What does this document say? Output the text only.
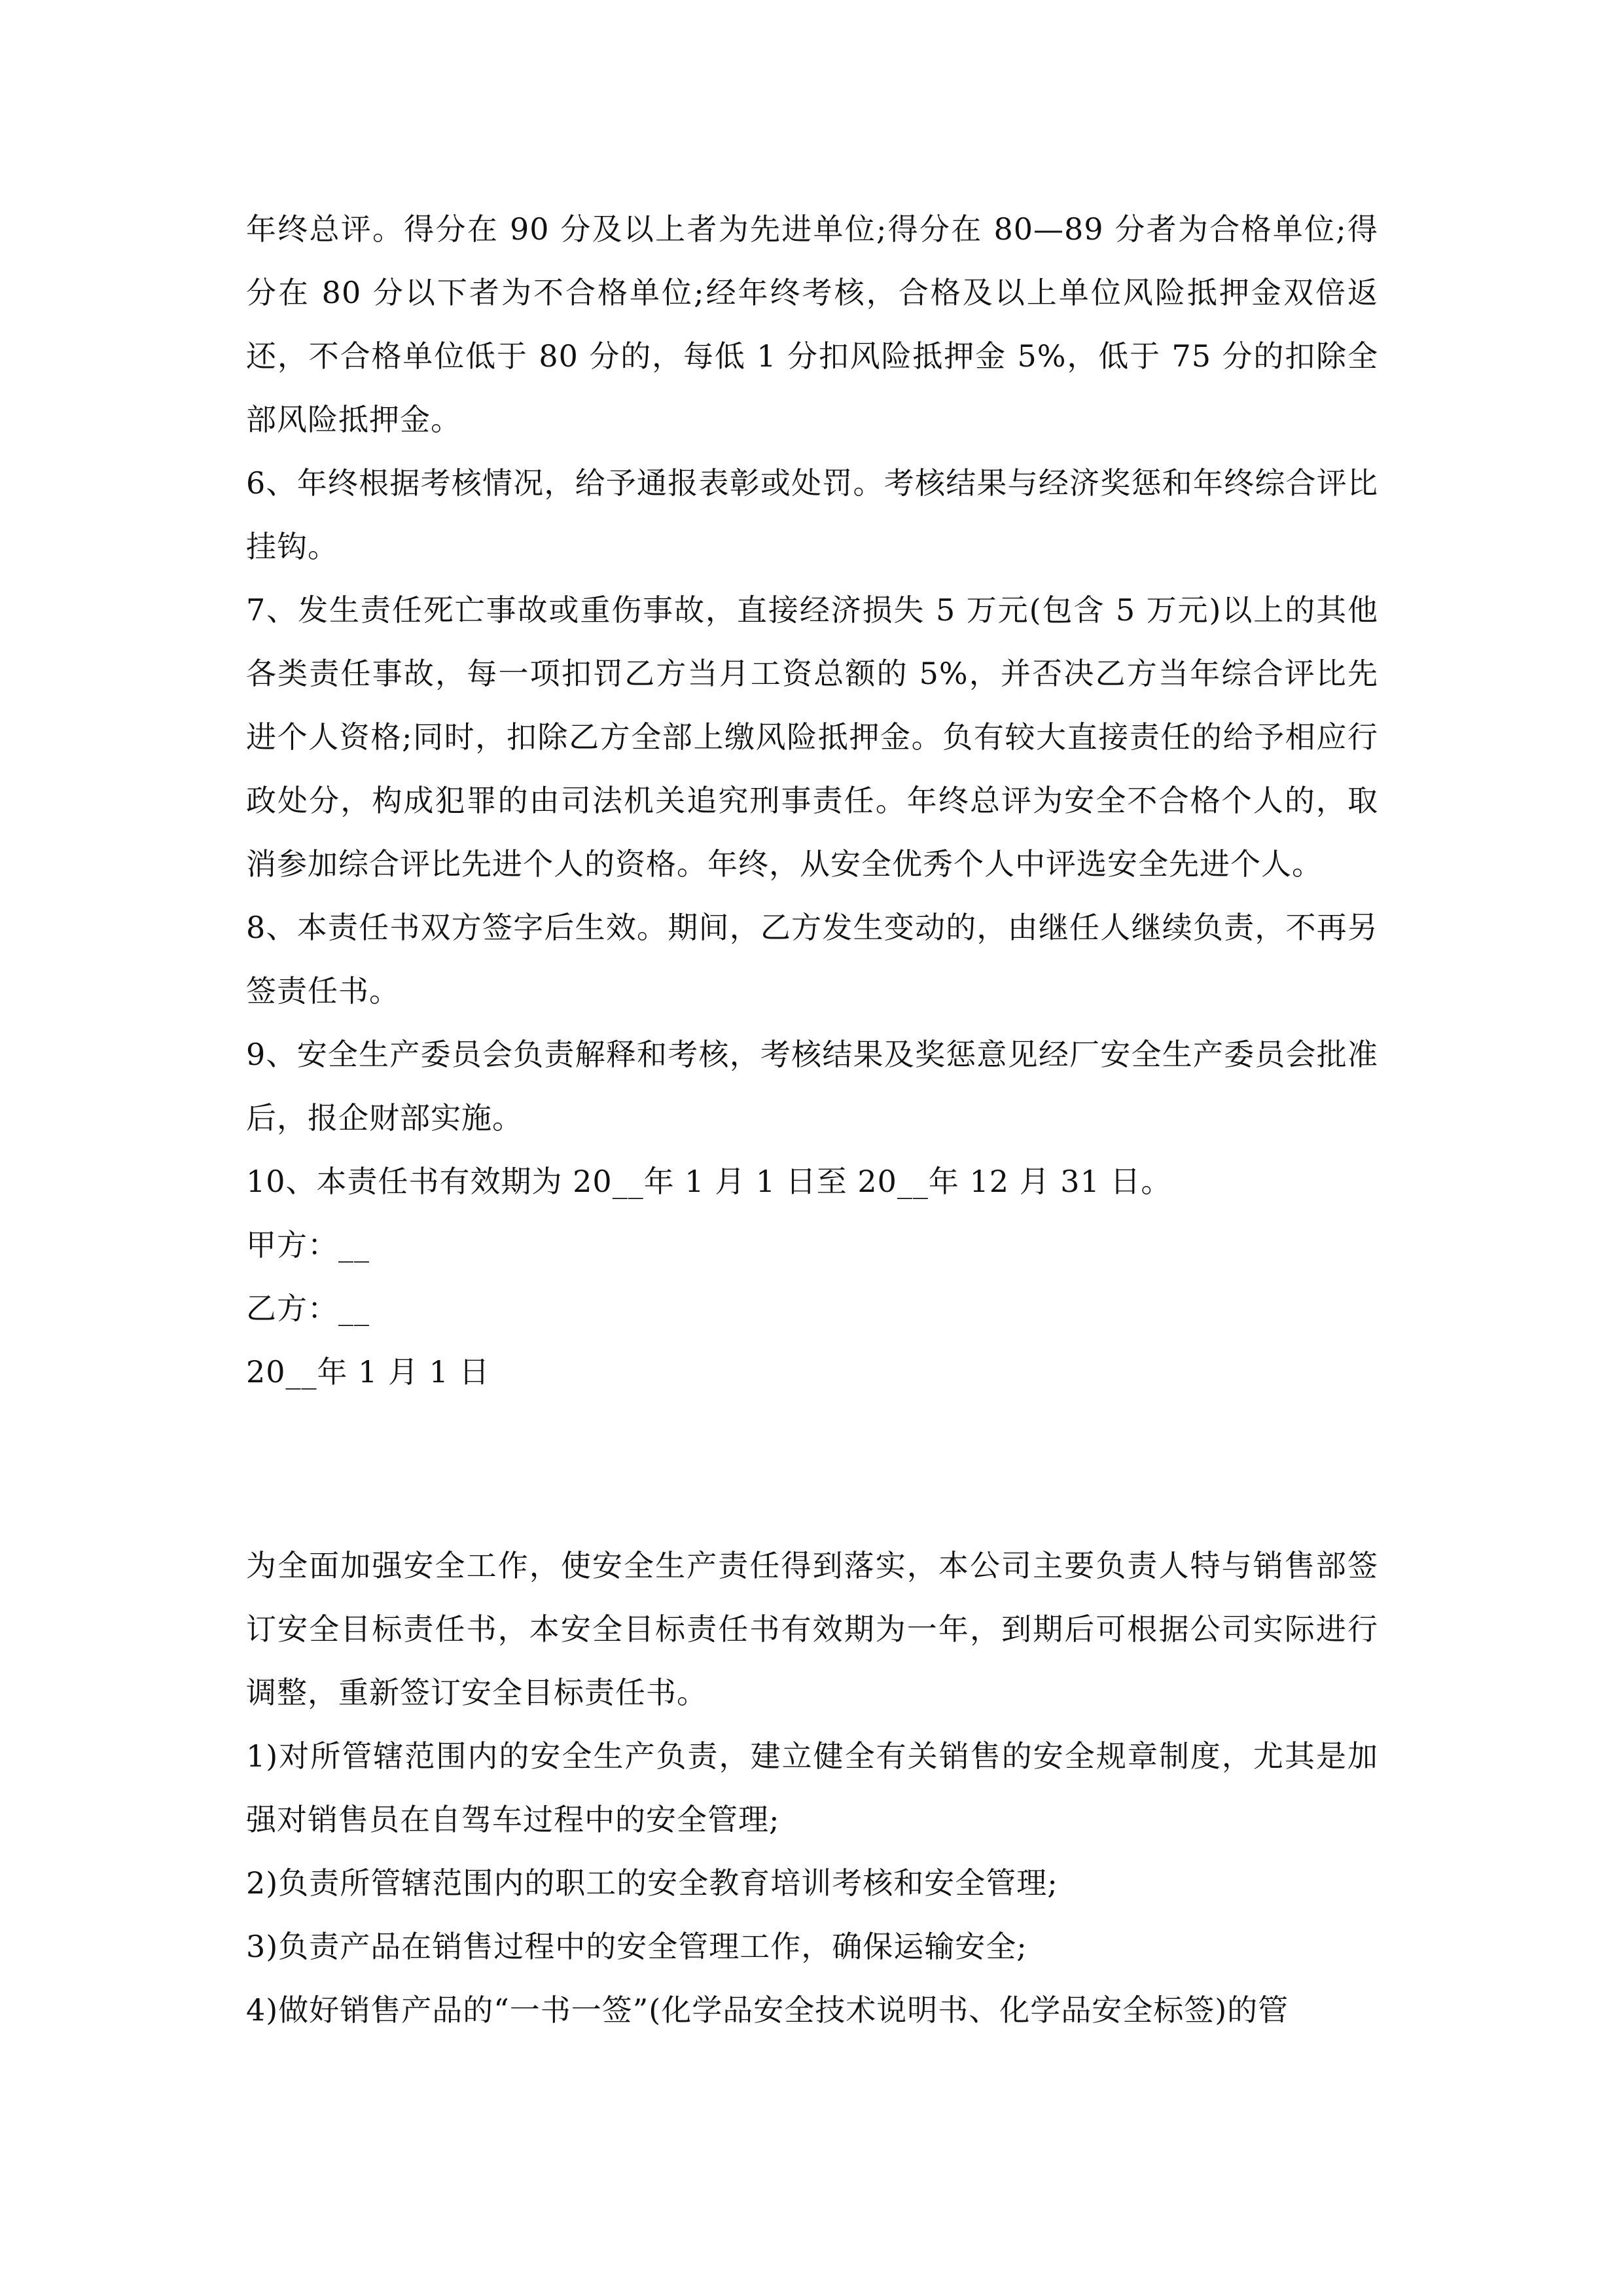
年终总评。得分在 90 分及以上者为先进单位;得分在 80—89 分者为合格单位;得分在 80 分以下者为不合格单位;经年终考核，合格及以上单位风险抵押金双倍返还，不合格单位低于 80 分的，每低 1 分扣风险抵押金 5%，低于 75 分的扣除全部风险抵押金。

6、年终根据考核情况，给予通报表彰或处罚。考核结果与经济奖惩和年终综合评比挂钩。

7、发生责任死亡事故或重伤事故，直接经济损失 5 万元(包含 5 万元)以上的其他各类责任事故，每一项扣罚乙方当月工资总额的 5%，并否决乙方当年综合评比先进个人资格;同时，扣除乙方全部上缴风险抵押金。负有较大直接责任的给予相应行政处分，构成犯罪的由司法机关追究刑事责任。年终总评为安全不合格个人的，取消参加综合评比先进个人的资格。年终，从安全优秀个人中评选安全先进个人。

8、本责任书双方签字后生效。期间，乙方发生变动的，由继任人继续负责，不再另签责任书。

9、安全生产委员会负责解释和考核，考核结果及奖惩意见经厂安全生产委员会批准后，报企财部实施。

10、本责任书有效期为 20__年 1 月 1 日至 20__年 12 月 31 日。

甲方：__

乙方：__

20__年 1 月 1 日

为全面加强安全工作，使安全生产责任得到落实，本公司主要负责人特与销售部签订安全目标责任书，本安全目标责任书有效期为一年，到期后可根据公司实际进行调整，重新签订安全目标责任书。

1)对所管辖范围内的安全生产负责，建立健全有关销售的安全规章制度，尤其是加强对销售员在自驾车过程中的安全管理;

2)负责所管辖范围内的职工的安全教育培训考核和安全管理;

3)负责产品在销售过程中的安全管理工作，确保运输安全;

4)做好销售产品的“一书一签”(化学品安全技术说明书、化学品安全标签)的管
